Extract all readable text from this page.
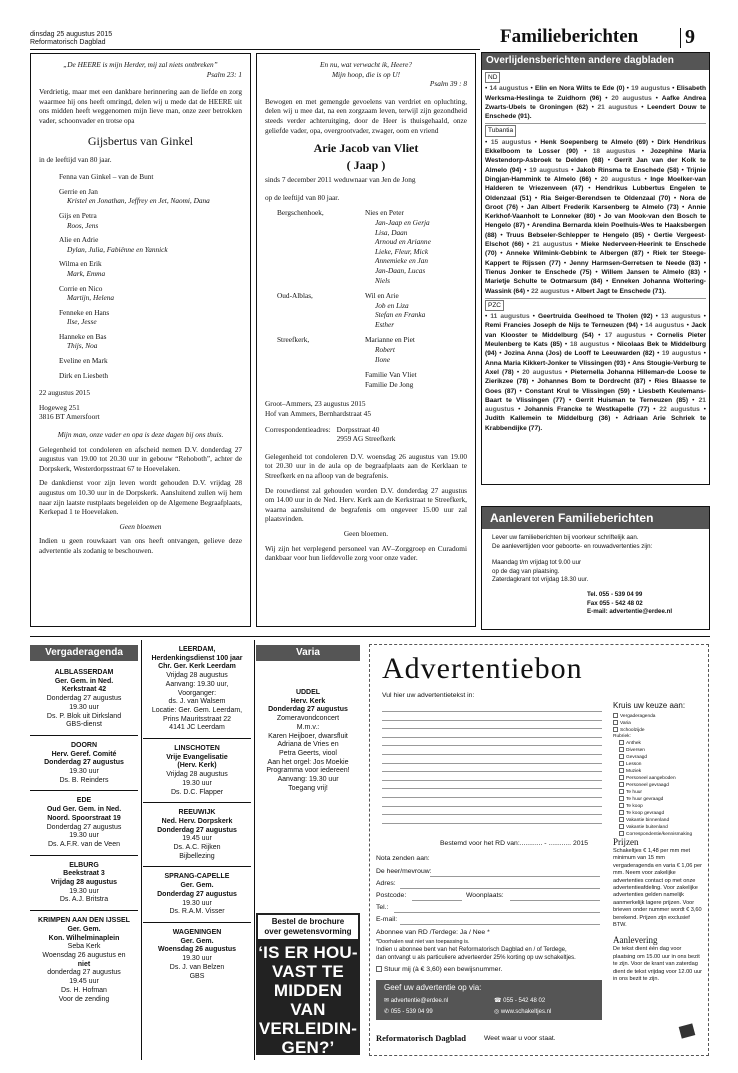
dinsdag 25 augustus 2015
Reformatorisch Dagblad	Familieberichten 9
„De HEERE is mijn Herder, mij zal niets ontbreken”
Psalm 23: 1

Verdrietig, maar met een dankbare herinnering aan de liefde en zorg waarmee hij ons heeft omringd, delen wij u mede dat de HEERE uit ons midden heeft weggenomen mijn lieve man, onze zeer betrokken vader, schoonvader en trotse opa

Gijsbertus van Ginkel

in de leeftijd van 80 jaar.

Fenna van Ginkel – van de Bunt
Gerrie en Jan
Kristel en Jonathan, Jeffrey en Jet, Naomi, Dana
Gijs en Petra
Roos, Jens
Alie en Adrie
Dylan, Julia, Fabiënne en Yannick
Wilma en Erik
Mark, Emma
Corrie en Nico
Martijn, Helena
Fenneke en Hans
Ilse, Jesse
Hanneke en Bas
Thijs, Noa
Eveline en Mark
Dirk en Liesbeth

22 augustus 2015

Hogeweg 251
3816 BT Amersfoort

Mijn man, onze vader en opa is deze dagen bij ons thuis.

Gelegenheid tot condoleren en afscheid nemen D.V. donderdag 27 augustus van 19.00 tot 20.30 uur in gebouw “Rehoboth”, achter de Dorpskerk, Westerdorpsstraat 67 te Hoevelaken.

De dankdienst voor zijn leven wordt gehouden D.V. vrijdag 28 augustus om 10.30 uur in de Dorpskerk. Aansluitend zullen wij hem naar zijn laatste rustplaats begeleiden op de Algemene Begraafplaats, Kerkepad 1 te Hoevelaken.

Geen bloemen

Indien u geen rouwkaart van ons heeft ontvangen, gelieve deze advertentie als zodanig te beschouwen.

En nu, wat verwacht ik, Heere?
Mijn hoop, die is op U!
Psalm 39 : 8

Bewogen en met gemengde gevoelens van verdriet en opluchting, delen wij u mee dat, na een zorgzaam leven, terwijl zijn gezondheid steeds verder achteruitging, door de Heer is thuisgehaald, onze geliefde vader, opa, overgrootvader, zwager, oom en vriend

Arie Jacob van Vliet
( Jaap )

sinds 7 december 2011 weduwnaar van Jen de Jong

op de leeftijd van 80 jaar.

Bergschenhoek,	Nies en Peter
Jan-Jaap en Gerja
Lisa, Daan
Arnoud en Arianne
Lieke, Fleur, Mick
Annemieke en Jan
Jan-Daan, Lucas
Niels
Oud-Alblas,	Wil en Arie
Job en Liza
Stefan en Franka
Esther
Streefkerk,	Marianne en Piet
Robert
Ilone
Familie Van Vliet
Familie De Jong
Groot–Ammers, 23 augustus 2015
Hof van Ammers, Bernhardstraat 45
Correspondentieadres: Dorpsstraat 40
2959 AG Streefkerk

Gelegenheid tot condoleren D.V. woensdag 26 augustus van 19.00 tot 20.30 uur in de aula op de begraafplaats aan de Kerklaan te Streefkerk en na afloop van de begrafenis.

De rouwdienst zal gehouden worden D.V. donderdag 27 augustus om 14.00 uur in de Ned. Herv. Kerk aan de Kerkstraat te Streefkerk, waarna aansluitend de begrafenis om ongeveer 15.00 uur zal plaatsvinden.

Geen bloemen.

Wij zijn het verplegend personeel van AV–Zorggroep en Curadomi dankbaar voor hun liefdevolle zorg voor onze vader.

Overlijdensberichten andere dagbladen
ND
• 14 augustus • Elin en Nora Wilts te Ede (0) • 19 augustus • Elisabeth Werksma-Heslinga te Zuidhorn (96) • 20 augustus • Aafke Andrea Zwarts-Ubels te Groningen (62) • 21 augustus • Leendert Douw te Enschede (91).
Tubantia
• 15 augustus • Henk Soepenberg te Almelo (69) • Dirk Hendrikus Ekkelboom te Losser (90) • 18 augustus • Jozephine Maria Westendorp-Asbroek te Delden (68) • Gerrit Jan van der Kolk te Almelo (94) • 19 augustus • Jakob Rinsma te Enschede (58) • Trijnie Dingjan-Hammink te Almelo (66) • 20 augustus • Inge Moelker-van Halderen te Vriezenveen (47) • Hendrikus Lubbertus Engelen te Oldenzaal (51) • Ria Seiger-Berendsen te Oldenzaal (70) • Nora de Groot (76) • Jan Albert Frederik Karsenberg te Almelo (73) • Annie Kerkhof-Vaanholt te Lonneker (80) • Jo van Mook-van den Bosch te Hengelo (87) • Arendina Bernarda klein Poelhuis-Wes te Haaksbergen (88) • Truus Bebseler-Schlepper te Hengelo (85) • Gertie Vergeest-Elschot (66) • 21 augustus • Mieke Nederveen-Heerink te Enschede (70) • Anneke Wilmink-Gebbink te Albergen (87) • Riek ter Steege-Kappert te Rijssen (77) • Jenny Harmsen-Gerretsen te Neede (83) • Tienus Jonker te Enschede (75) • Willem Jansen te Almelo (83) • Marietje Schulte te Ootmarsum (84) • Enneken Johanna Woltering-Wassink (64) • 22 augustus • Albert Jagt te Enschede (71).
PZC
• 11 augustus • Geertruida Geelhoed te Tholen (92) • 13 augustus • Remi Francies Joseph de Nijs te Terneuzen (94) • 14 augustus • Jack van Klooster te Middelburg (54) • 17 augustus • Cornelis Pieter Meulenberg te Kats (85) • 18 augustus • Nicolaas Bek te Middelburg (94) • Jozina Anna (Jos) de Looff te Leeuwarden (82) • 19 augustus • Anna Maria Kikkert-Jonker te Vlissingen (93) • Ans Stougie-Verburg te Axel (78) • 20 augustus • Pieternella Johanna Hilleman-de Loose te Zierikzee (78) • Johannes Bom te Dordrecht (87) • Ries Blaasse te Goes (87) • Constant Krul te Vlissingen (59) • Liesbeth Keulemans-Baart te Vlissingen (77) • Gerrit Huisman te Terneuzen (85) • 21 augustus • Johannis Francke te Westkapelle (77) • 22 augustus • Judith Kallemein te Middelburg (36) • Adriaan Arie Schriek te Krabbendijke (77).
Aanleveren Familieberichten
Lever uw familieberichten bij voorkeur schriftelijk aan.
De aanlevertijden voor geboorte- en rouwadvertenties zijn:
Maandag t/m vrijdag tot 9.00 uur
op de dag van plaatsing.
Zaterdagkrant tot vrijdag 18.30 uur.
Tel. 055 - 539 04 99
Fax 055 - 542 48 02
E-mail: advertentie@erdee.nl
Vergaderagenda
ALBLASSERDAM
Ger. Gem. in Ned.
Kerkstraat 42
Donderdag 27 augustus
19.30 uur
Ds. P. Blok uit Dirksland
GBS-dienst
DOORN
Herv. Geref. Comité
Donderdag 27 augustus
19.30 uur
Ds. B. Reinders
EDE
Oud Ger. Gem. in Ned.
Noord. Spoorstraat 19
Donderdag 27 augustus
19.30 uur
Ds. A.F.R. van de Veen
ELBURG
Beekstraat 3
Vrijdag 28 augustus
19.30 uur
Ds. A.J. Britstra
KRIMPEN AAN DEN IJSSEL
Ger. Gem.
Kon. Wilhelminaplein
Seba Kerk
Woensdag 26 augustus en
niet
donderdag 27 augustus
19.45 uur
Ds. H. Hofman
Voor de zending
LEERDAM,
Herdenkingsdienst 100 jaar
Chr. Ger. Kerk Leerdam
Vrijdag 28 augustus
Aanvang: 19.30 uur,
Voorganger:
ds. J. van Walsem
Locatie: Ger. Gem. Leerdam,
Prins Mauritsstraat 22
4141 JC Leerdam
LINSCHOTEN
Vrije Evangelisatie
(Herv. Kerk)
Vrijdag 28 augustus
19.30 uur
Ds. D.C. Flapper
REEUWIJK
Ned. Herv. Dorpskerk
Donderdag 27 augustus
19.45 uur
Ds. A.C. Rijken
Bijbellezing
SPRANG-CAPELLE
Ger. Gem.
Donderdag 27 augustus
19.30 uur
Ds. R.A.M. Visser
WAGENINGEN
Ger. Gem.
Woensdag 26 augustus
19.30 uur
Ds. J. van Belzen
GBS
Varia
UDDEL
Herv. Kerk
Donderdag 27 augustus
Zomeravondconcert
M.m.v.:
Karen Heijboer, dwarsfluit
Adriana de Vries en
Petra Geerts, viool
Aan het orgel: Jos Moekie
Programma voor iedereen!
Aanvang: 19.30 uur
Toegang vrij!
Bestel de brochure
over gewetensvorming
‘IS ER HOU-
VAST TE
MIDDEN VAN
VERLEIDIN-
GEN?’
www.mediawijzer.nl
Advertentiebon
Vul hier uw advertentietekst in:
Kruis uw keuze aan:
Vergaderagenda
Varia
Schoolzijde
Rubriek:
Anthek
Diversen
Gevraagd
Lesson
Muziek
Personeel aangeboden
Personeel gevraagd
Te huur
Te huur gevraagd
Te koop
Te koop gevraagd
Vakantie binnenland
Vakantie buitenland
Correspondentie/kennismaking
Bestemd voor het RD van:............ - ............ 2015
Nota zenden aan:
De heer/mevrouw:
Adres:
Postcode:	Woonplaats:
Tel.:
E-mail:
Abonnee van RD /Terdege: Ja / Nee *
*Doorhalen wat niet van toepassing is.
Indien u abonnee bent van het Reformatorisch Dagblad en / of Terdege,
dan ontvangt u als particuliere adverteerder 25% korting op uw schakeltjes.
Stuur mij (à € 3,60) een bewijsnummer.
Geef uw advertentie op via:
✉ advertentie@erdee.nl	☎ 055 - 542 48 02
✆ 055 - 539 04 99	◎ www.schakeltjes.nl
Reformatorisch Dagblad	Weet waar u voor staat.
Prijzen
Schakeltjes € 1,48 per mm met minimum van 15 mm vergaderagenda en varia € 1,06 per mm. Neem voor zakelijke advertenties contact op met onze advertentieafdeling. Voor zakelijke advertenties gelden namelijk aanmerkelijk lagere prijzen. Voor brieven onder nummer wordt € 3,60 berekend. Prijzen zijn exclusief BTW.
Aanlevering
De tekst dient één dag voor plaatsing om 15.00 uur in ons bezit te zijn. Voor de krant van zaterdag dient de tekst vrijdag voor 12.00 uur in ons bezit te zijn.
